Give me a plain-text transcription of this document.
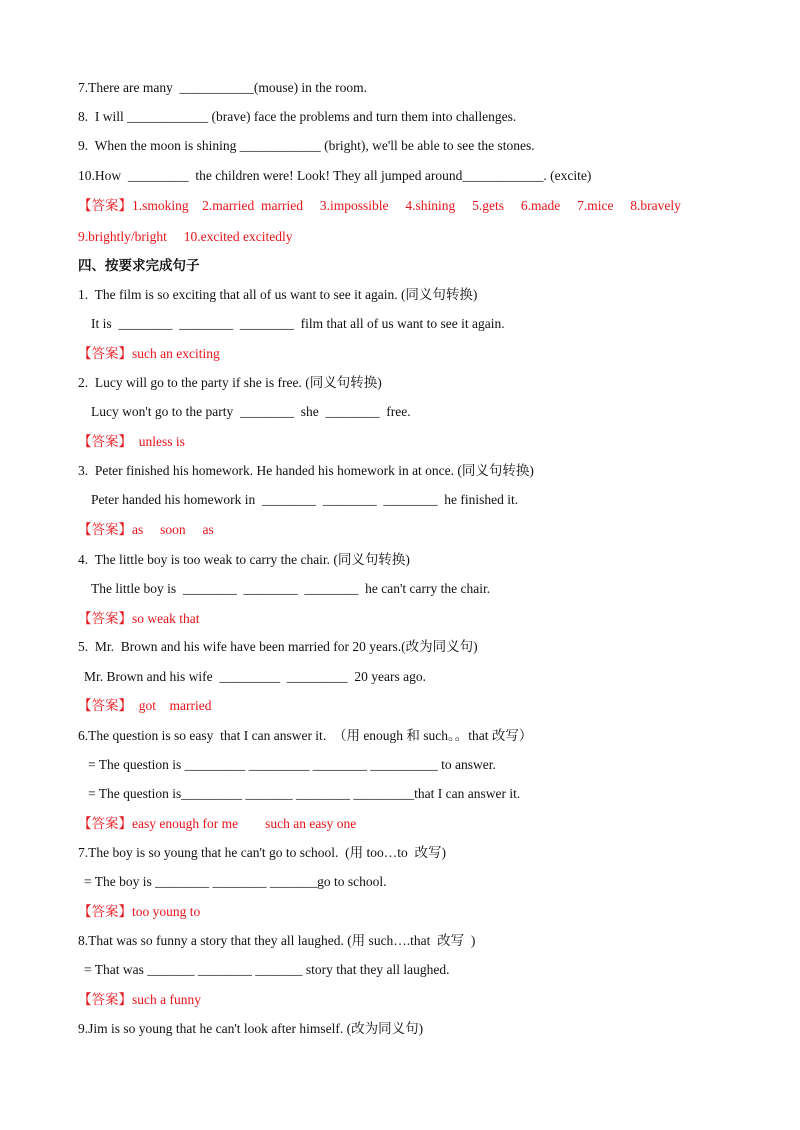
7.There are many  ___________(mouse) in the room.
8.  I will ____________ (brave) face the problems and turn them into challenges.
9.  When the moon is shining ____________ (bright), we'll be able to see the stones.
10.How  _________  the children were! Look! They all jumped around____________. (excite)
【答案】1.smoking    2.married  married     3.impossible     4.shining     5.gets     6.made     7.mice     8.bravely
9.brightly/bright     10.excited excitedly
四、按要求完成句子
1.  The film is so exciting that all of us want to see it again. (同义句转换)
It is  ________  ________  ________  film that all of us want to see it again.
【答案】such an exciting
2.  Lucy will go to the party if she is free. (同义句转换)
Lucy won't go to the party  ________  she  ________  free.
【答案】  unless is
3.  Peter finished his homework. He handed his homework in at once. (同义句转换)
Peter handed his homework in  ________  ________  ________  he finished it.
【答案】as     soon     as
4.  The little boy is too weak to carry the chair. (同义句转换)
The little boy is  ________  ________  ________  he can't carry the chair.
【答案】so weak that
5.  Mr.  Brown and his wife have been married for 20 years.(改为同义句)
Mr. Brown and his wife  _________  _________  20 years ago.
【答案】  got    married
6.The question is so easy  that I can answer it.  （用 enough 和 such。。that 改写）
= The question is _________ _________ ________ __________ to answer.
= The question is_________ _______ ________ _________that I can answer it.
【答案】easy enough for me        such an easy one
7.The boy is so young that he can't go to school.  (用 too…to  改写)
= The boy is ________ ________ _______go to school.
【答案】too young to
8.That was so funny a story that they all laughed. (用 such….that  改写  )
= That was _______ ________ _______ story that they all laughed.
【答案】such a funny
9.Jim is so young that he can't look after himself. (改为同义句)
